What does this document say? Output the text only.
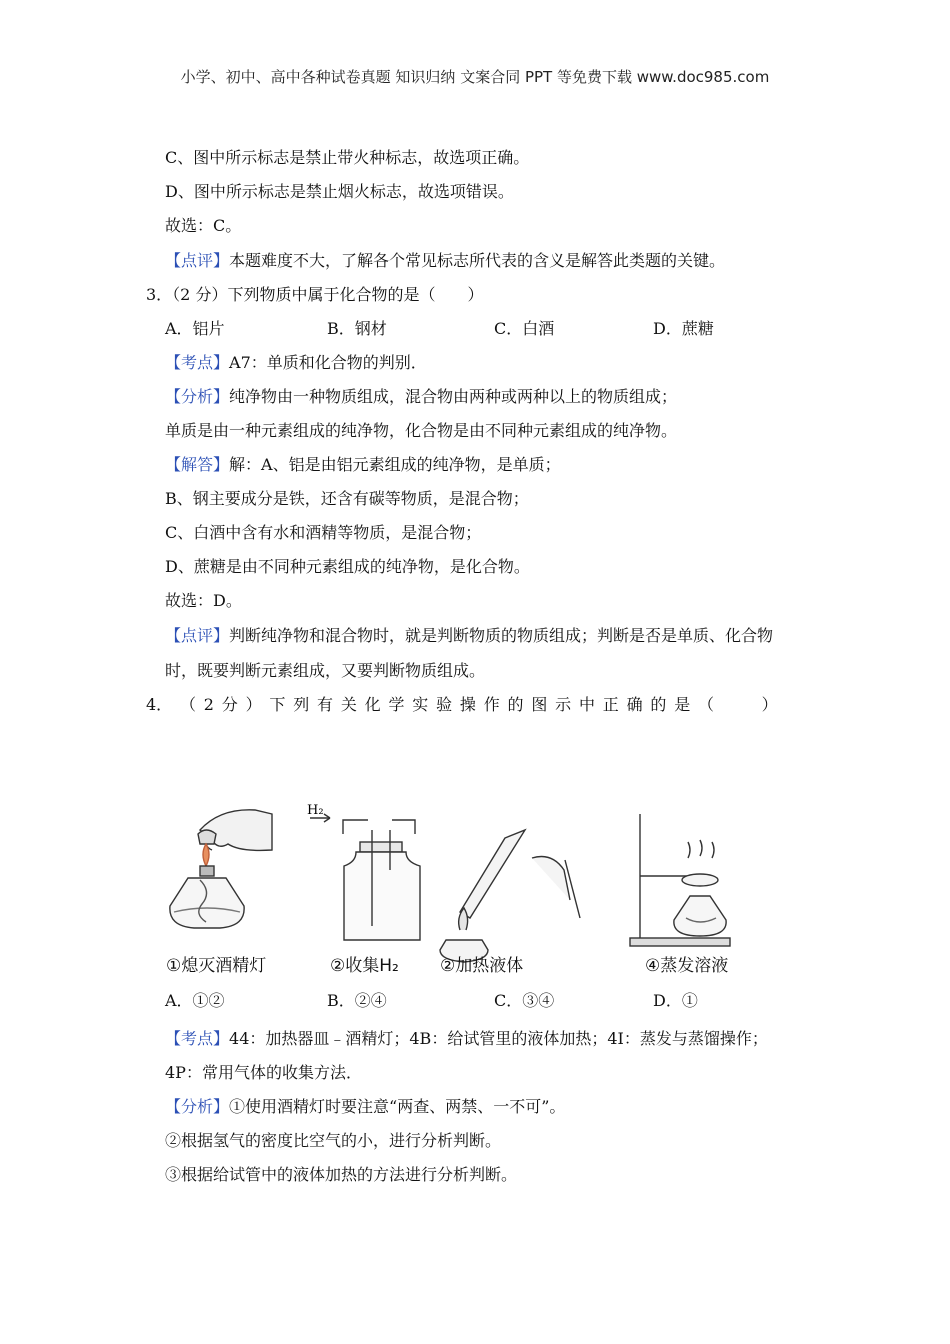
小学、初中、高中各种试卷真题 知识归纳 文案合同 PPT 等免费下载 www.doc985.com
C、图中所示标志是禁止带火种标志，故选项正确。
D、图中所示标志是禁止烟火标志，故选项错误。
故选：C。
【点评】本题难度不大，了解各个常见标志所代表的含义是解答此类题的关键。
3．（2 分）下列物质中属于化合物的是（　　）
A．铝片	B．钢材	C．白酒	D．蔗糖
【考点】A7：单质和化合物的判别．
【分析】纯净物由一种物质组成，混合物由两种或两种以上的物质组成；
单质是由一种元素组成的纯净物，化合物是由不同种元素组成的纯净物。
【解答】解：A、铝是由铝元素组成的纯净物，是单质；
B、钢主要成分是铁，还含有碳等物质，是混合物；
C、白酒中含有水和酒精等物质，是混合物；
D、蔗糖是由不同种元素组成的纯净物，是化合物。
故选：D。
【点评】判断纯净物和混合物时，就是判断物质的物质组成；判断是否是单质、化合物
时，既要判断元素组成，又要判断物质组成。
4． （ 2 分 ） 下 列 有 关 化 学 实 验 操 作 的 图 示 中 正 确 的 是 （
　　	）
H₂
①熄灭酒精灯	②收集H₂ ②加热液体	④蒸发溶液
A．①②	B．②④	C．③④	D．①
【考点】44：加热器皿﹣酒精灯；4B：给试管里的液体加热；4I：蒸发与蒸馏操作；
4P：常用气体的收集方法．
【分析】①使用酒精灯时要注意“两查、两禁、一不可”。
②根据氢气的密度比空气的小，进行分析判断。
③根据给试管中的液体加热的方法进行分析判断。
